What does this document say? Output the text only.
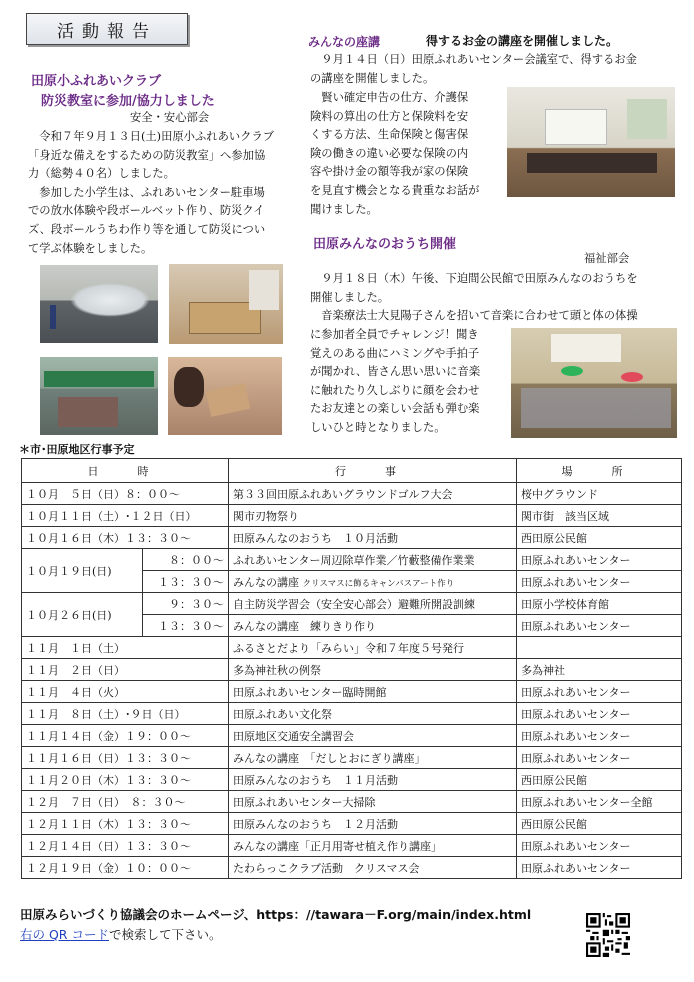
活動報告
田原小ふれあいクラブ
防災教室に参加/協力しました
安全・安心部会
令和７年９月１３日(土)田原小ふれあいクラブ
「身近な備えをするための防災教室」へ参加協
力（総勢４０名）しました。
参加した小学生は、ふれあいセンター駐車場
での放水体験や段ボールベット作り、防災クイ
ズ、段ボールうちわ作り等を通して防災につい
て学ぶ体験をしました。
みんなの座講	得するお金の講座を開催しました。
９月１４日（日）田原ふれあいセンター会議室で、得するお金
の講座を開催しました。
賢い確定申告の仕方、介護保
険料の算出の仕方と保険料を安
くする方法、生命保険と傷害保
険の働きの違い必要な保険の内
容や掛け金の額等我が家の保険
を見直す機会となる貴重なお話が
聞けました。
田原みんなのおうち開催
福祉部会
９月１８日（木）午後、下迫間公民館で田原みんなのおうちを
開催しました。
音楽療法士大見陽子さんを招いて音楽に合わせて頭と体の体操
に参加者全員でチャレンジ！聞き
覚えのある曲にハミングや手拍子
が聞かれ、皆さん思い思いに音楽
に触れたり久しぶりに顔を会わせ
たお友達との楽しい会話も弾む楽
しいひと時となりました。
＊市･田原地区行事予定
日　時		行　事	場　所
１０月　５日（日）８：００～		第３３回田原ふれあいグラウンドゴルフ大会	桜中グラウンド
１０月１１日（土）･１２日（日）		関市刃物祭り	関市街　該当区域
１０月１６日（木）１３：３０～		田原みんなのおうち　１０月活動	西田原公民館
１０月１９日(日)	８：００～	ふれあいセンター周辺除草作業／竹藪整備作業業	田原ふれあいセンター
	１３：３０～	みんなの講座 クリスマスに飾るキャンバスアート作り	田原ふれあいセンター
１０月２６日(日)	９：３０～	自主防災学習会（安全安心部会）避難所開設訓練	田原小学校体育館
	１３：３０～	みんなの講座　練りきり作り	田原ふれあいセンター
１１月　１日（土）		ふるさとだより「みらい」令和７年度５号発行	
１１月　２日（日）		多為神社秋の例祭	多為神社
１１月　４日（火）		田原ふれあいセンター臨時開館	田原ふれあいセンター
１１月　８日（土）･９日（日）		田原ふれあい文化祭	田原ふれあいセンター
１１月１４日（金）１９：００～		田原地区交通安全講習会	田原ふれあいセンター
１１月１６日（日）１３：３０～		みんなの講座　「だしとおにぎり講座」	田原ふれあいセンター
１１月２０日（木）１３：３０～		田原みんなのおうち　１１月活動	西田原公民館
１２月　７日（日）　８：３０～		田原ふれあいセンター大掃除	田原ふれあいセンター全館
１２月１１日（木）１３：３０～		田原みんなのおうち　１２月活動	西田原公民館
１２月１４日（日）１３：３０～		みんなの講座「正月用寄せ植え作り講座」	田原ふれあいセンター
１２月１９日（金）１０：００～		たわらっこクラブ活動　クリスマス会	田原ふれあいセンター
田原みらいづくり協議会のホームページ、https：//tawara－F.org/main/index.html
右の QR コードで検索して下さい。
